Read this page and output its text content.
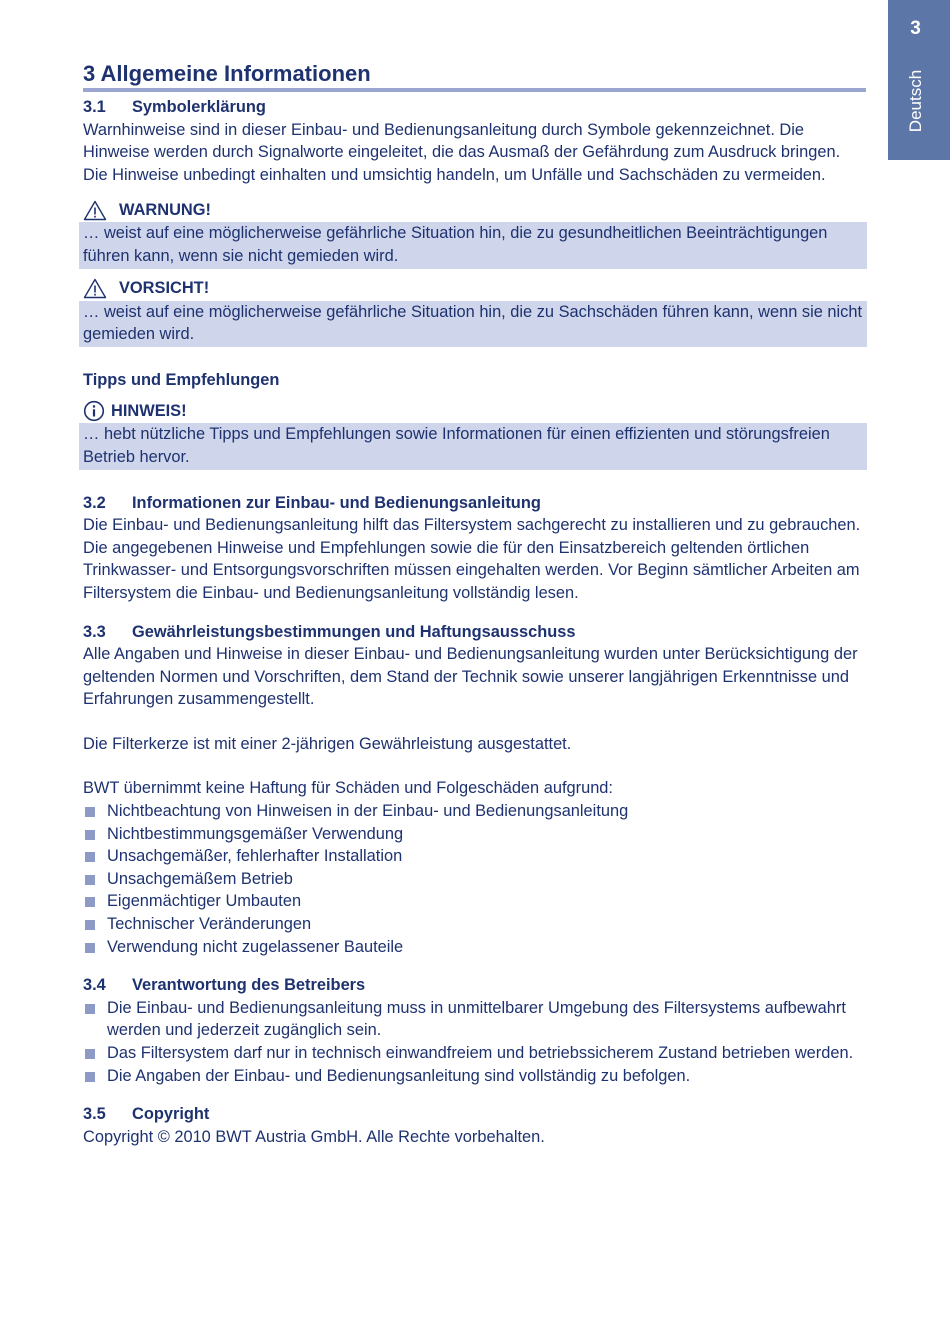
3
Deutsch
3 Allgemeine Informationen
3.1 Symbolerklärung

Warnhinweise sind in dieser Einbau- und Bedienungsanleitung durch Symbole gekennzeichnet. Die Hinweise werden durch Signalworte eingeleitet, die das Ausmaß der Gefährdung zum Ausdruck bringen. Die Hinweise unbedingt einhalten und umsichtig handeln, um Unfälle und Sachschäden zu vermeiden.

WARNUNG!

… weist auf eine möglicherweise gefährliche Situation hin, die zu gesundheitlichen Beeinträchtigungen führen kann, wenn sie nicht gemieden wird.

VORSICHT!

… weist auf eine möglicherweise gefährliche Situation hin, die zu Sachschäden führen kann, wenn sie nicht gemieden wird.

Tipps und Empfehlungen

HINWEIS!

… hebt nützliche Tipps und Empfehlungen sowie Informationen für einen effizienten und störungsfreien Betrieb hervor.

3.2 Informationen zur Einbau- und Bedienungsanleitung

Die Einbau- und Bedienungsanleitung hilft das Filtersystem sachgerecht zu installieren und zu gebrauchen. Die angegebenen Hinweise und Empfehlungen sowie die für den Einsatzbereich geltenden örtlichen Trinkwasser- und Entsorgungsvorschriften müssen eingehalten werden. Vor Beginn sämtlicher Arbeiten am Filtersystem die Einbau- und Bedienungsanleitung vollständig lesen.

3.3 Gewährleistungsbestimmungen und Haftungsausschuss

Alle Angaben und Hinweise in dieser Einbau- und Bedienungsanleitung wurden unter Berücksichtigung der geltenden Normen und Vorschriften, dem Stand der Technik sowie unserer langjährigen Erkenntnisse und Erfahrungen zusammengestellt.

Die Filterkerze ist mit einer 2-jährigen Gewährleistung ausgestattet.

BWT übernimmt keine Haftung für Schäden und Folgeschäden aufgrund:

Nichtbeachtung von Hinweisen in der Einbau- und Bedienungsanleitung
Nichtbestimmungsgemäßer Verwendung
Unsachgemäßer, fehlerhafter Installation
Unsachgemäßem Betrieb
Eigenmächtiger Umbauten
Technischer Veränderungen
Verwendung nicht zugelassener Bauteile
3.4 Verantwortung des Betreibers
Die Einbau- und Bedienungsanleitung muss in unmittelbarer Umgebung des Filtersystems aufbewahrt werden und jederzeit zugänglich sein.
Das Filtersystem darf nur in technisch einwandfreiem und betriebssicherem Zustand betrieben werden.
Die Angaben der Einbau- und Bedienungsanleitung sind vollständig zu befolgen.
3.5 Copyright

Copyright © 2010 BWT Austria GmbH. Alle Rechte vorbehalten.
